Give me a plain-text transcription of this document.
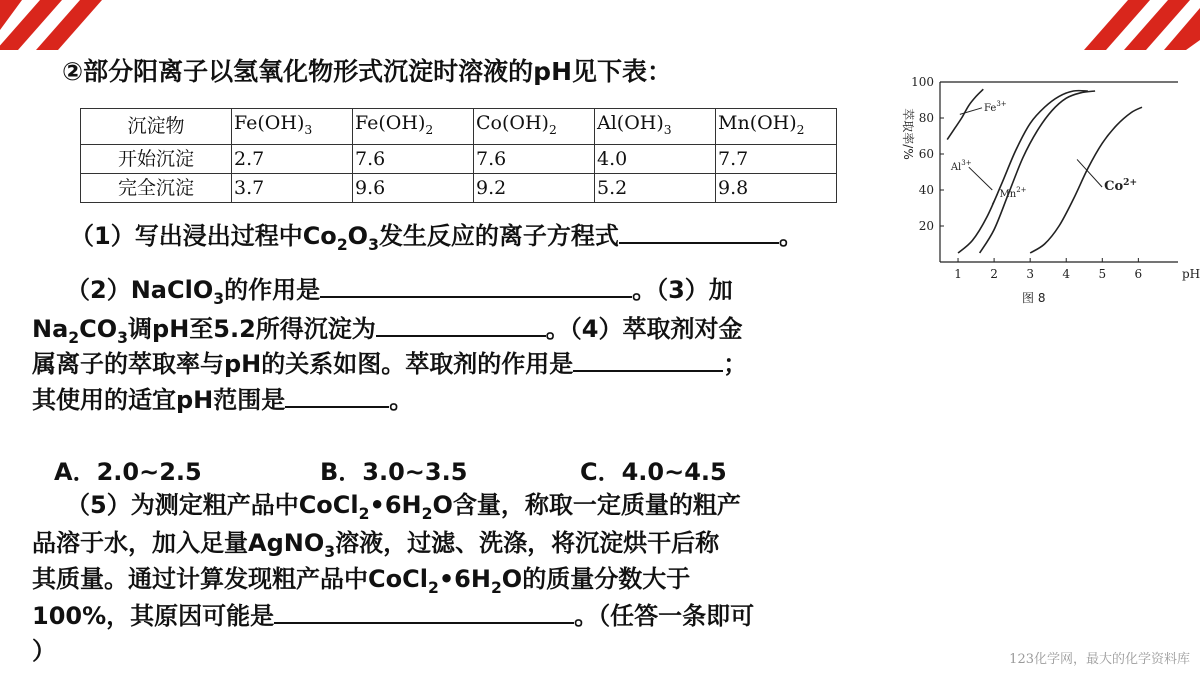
②部分阳离子以氢氧化物形式沉淀时溶液的pH见下表：

沉淀物	$Fe(OH)_3$	$Fe(OH)_2$	$Co(OH)_2$	$Al(OH)_3$	$Mn(OH)_2$
开始沉淀	2.7	7.6	7.6	4.0	7.7
完全沉淀	3.7	9.6	9.2	5.2	9.8

（1）写出浸出过程中$Co_2O_3$发生反应的离子方程式	。

（2）NaClO$_3$的作用是	。（3）加

$Na_2CO_3$调pH至5.2所得沉淀为	。（4）萃取剂对金

属离子的萃取率与pH的关系如图。萃取剂的作用是	；

其使用的适宜pH范围是	。

A．2.0~2.5	B．3.0~3.5	C．4.0~4.5

（5）为测定粗产品中$CoCl_2•6H_2O$含量，称取一定质量的粗产

品溶于水，加入足量AgNO$_3$溶液，过滤、洗涤，将沉淀烘干后称

其质量。通过计算发现粗产品中$CoCl_2•6H_2O$的质量分数大于

100%，其原因可能是	。（任答一条即可

）

20
40
60
80
100
1 2 3 4 5 6	pH
萃取率/%
图 8
$Fe^{3+}$
$Al^{3+}$
$Mn^{2+}$	$Co^{2+}$
123化学网，最大的化学资料库
